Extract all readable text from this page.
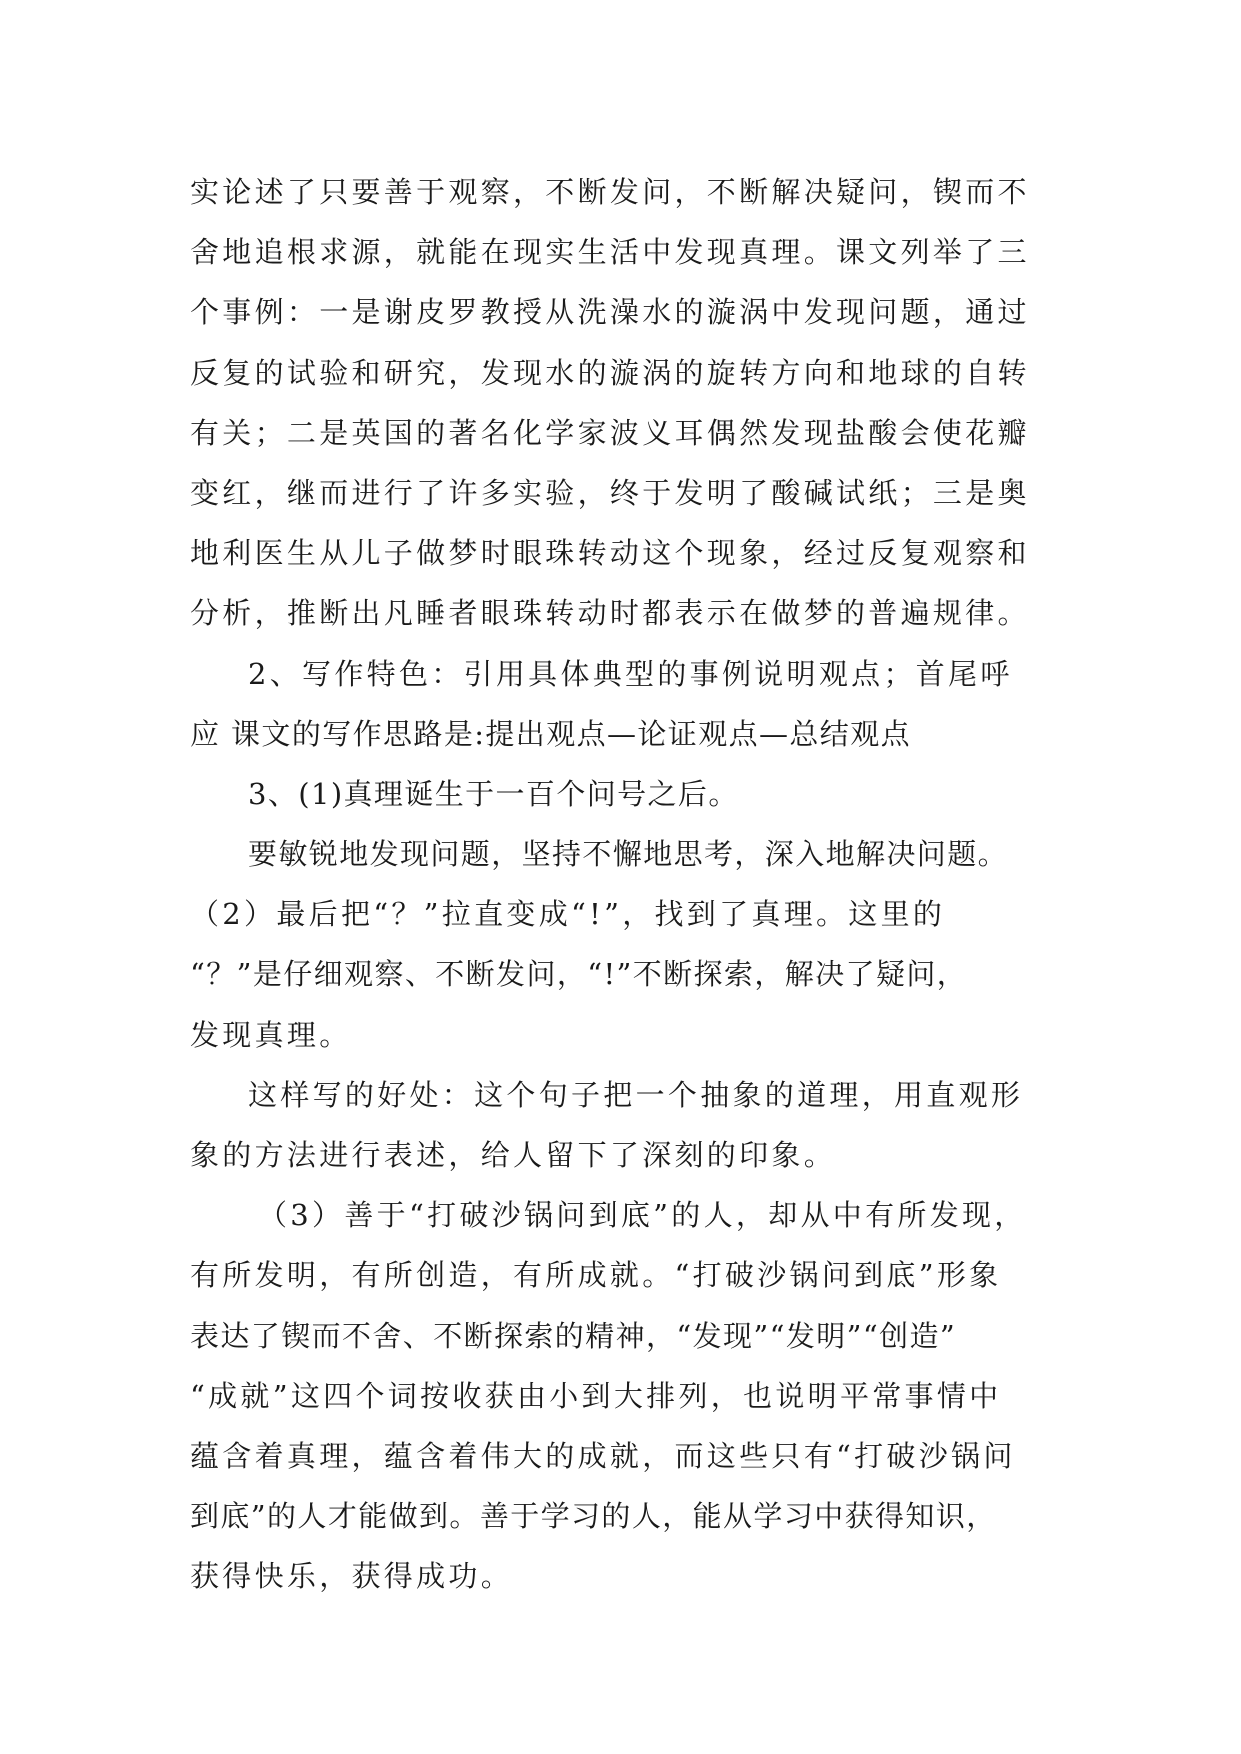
实论述了只要善于观察，不断发问，不断解决疑问，锲而不
舍地追根求源，就能在现实生活中发现真理。课文列举了三
个事例：一是谢皮罗教授从洗澡水的漩涡中发现问题，通过
反复的试验和研究，发现水的漩涡的旋转方向和地球的自转
有关；二是英国的著名化学家波义耳偶然发现盐酸会使花瓣
变红，继而进行了许多实验，终于发明了酸碱试纸；三是奥
地利医生从儿子做梦时眼珠转动这个现象，经过反复观察和
分析，推断出凡睡者眼珠转动时都表示在做梦的普遍规律。
2、写作特色：引用具体典型的事例说明观点；首尾呼
应 课文的写作思路是:提出观点—论证观点—总结观点
3、(1)真理诞生于一百个问号之后。
要敏锐地发现问题，坚持不懈地思考，深入地解决问题。
（2）最后把“？”拉直变成“!”，找到了真理。这里的
“？”是仔细观察、不断发问，“!”不断探索，解决了疑问，
发现真理。
这样写的好处：这个句子把一个抽象的道理，用直观形
象的方法进行表述，给人留下了深刻的印象。
（3）善于“打破沙锅问到底”的人，却从中有所发现，
有所发明，有所创造，有所成就。“打破沙锅问到底”形象
表达了锲而不舍、不断探索的精神，“发现”“发明”“创造”
“成就”这四个词按收获由小到大排列，也说明平常事情中
蕴含着真理，蕴含着伟大的成就，而这些只有“打破沙锅问
到底”的人才能做到。善于学习的人，能从学习中获得知识，
获得快乐，获得成功。
